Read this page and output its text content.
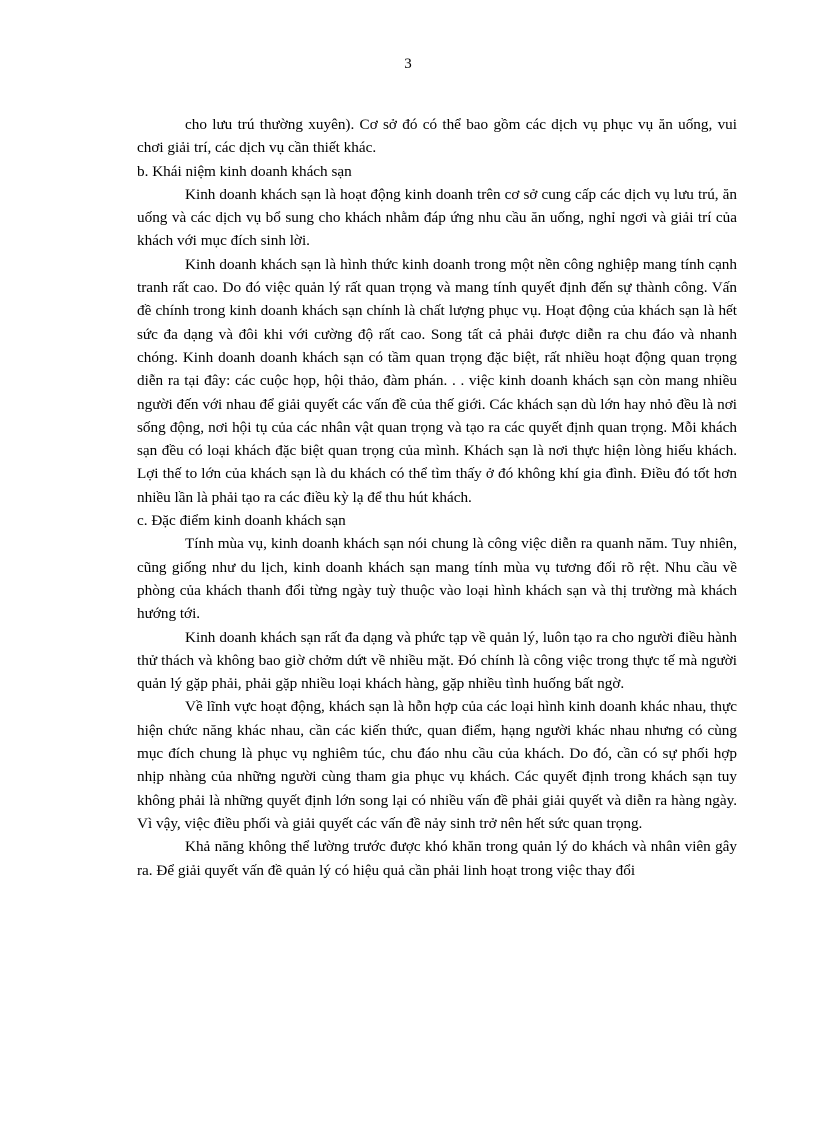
3

cho lưu trú thường xuyên). Cơ sở đó có thể bao gồm các dịch vụ phục vụ ăn uống, vui chơi giải trí, các dịch vụ cần thiết khác.

b. Khái niệm kinh doanh khách sạn

Kinh doanh khách sạn là hoạt động kinh doanh trên cơ sở cung cấp các dịch vụ lưu trú, ăn uống và các dịch vụ bổ sung cho khách nhằm đáp ứng nhu cầu ăn uống, nghỉ ngơi và giải trí của khách với mục đích sinh lời.

Kinh doanh khách sạn là hình thức kinh doanh trong một nền công nghiệp mang tính cạnh tranh rất cao. Do đó việc quản lý rất quan trọng và mang tính quyết định đến sự thành công. Vấn đề chính trong kinh doanh khách sạn chính là chất lượng phục vụ. Hoạt động của khách sạn là hết sức đa dạng và đôi khi với cường độ rất cao. Song tất cả phải được diễn ra chu đáo và nhanh chóng. Kinh doanh doanh khách sạn có tầm quan trọng đặc biệt, rất nhiều hoạt động quan trọng diễn ra tại đây: các cuộc họp, hội thảo, đàm phán. . . việc kinh doanh khách sạn còn mang nhiều người đến với nhau để giải quyết các vấn đề của thế giới. Các khách sạn dù lớn hay nhỏ đều là nơi sống động, nơi hội tụ của các nhân vật quan trọng và tạo ra các quyết định quan trọng. Mỗi khách sạn đều có loại khách đặc biệt quan trọng của mình. Khách sạn là nơi thực hiện lòng hiếu khách. Lợi thế to lớn của khách sạn là du khách có thể tìm thấy ở đó không khí gia đình. Điều đó tốt hơn nhiều lần là phải tạo ra các điều kỳ lạ để thu hút khách.

c. Đặc điểm kinh doanh khách sạn

Tính mùa vụ, kinh doanh khách sạn nói chung là công việc diễn ra quanh năm. Tuy nhiên, cũng giống như du lịch, kinh doanh khách sạn mang tính mùa vụ tương đối rõ rệt. Nhu cầu về phòng của khách thanh đổi từng ngày tuỳ thuộc vào loại hình khách sạn và thị trường mà khách hướng tới.

Kinh doanh khách sạn rất đa dạng và phức tạp về quản lý, luôn tạo ra cho người điều hành thử thách và không bao giờ chởm dứt về nhiều mặt. Đó chính là công việc trong thực tế mà người quản lý gặp phải, phải gặp nhiều loại khách hàng, gặp nhiều tình huống bất ngờ.

Về lĩnh vực hoạt động, khách sạn là hỗn hợp của các loại hình kinh doanh khác nhau, thực hiện chức năng khác nhau, cần các kiến thức, quan điểm, hạng người khác nhau nhưng có cùng mục đích chung là phục vụ nghiêm túc, chu đáo nhu cầu của khách. Do đó, cần có sự phối hợp nhịp nhàng của những người cùng tham gia phục vụ khách. Các quyết định trong khách sạn tuy không phải là những quyết định lớn song lại có nhiều vấn đề phải giải quyết và diễn ra hàng ngày. Vì vậy, việc điều phối và giải quyết các vấn đề nảy sinh trở nên hết sức quan trọng.

Khả năng không thể lường trước được khó khăn trong quản lý do khách và nhân viên gây ra. Để giải quyết vấn đề quản lý có hiệu quả cần phải linh hoạt trong việc thay đổi
